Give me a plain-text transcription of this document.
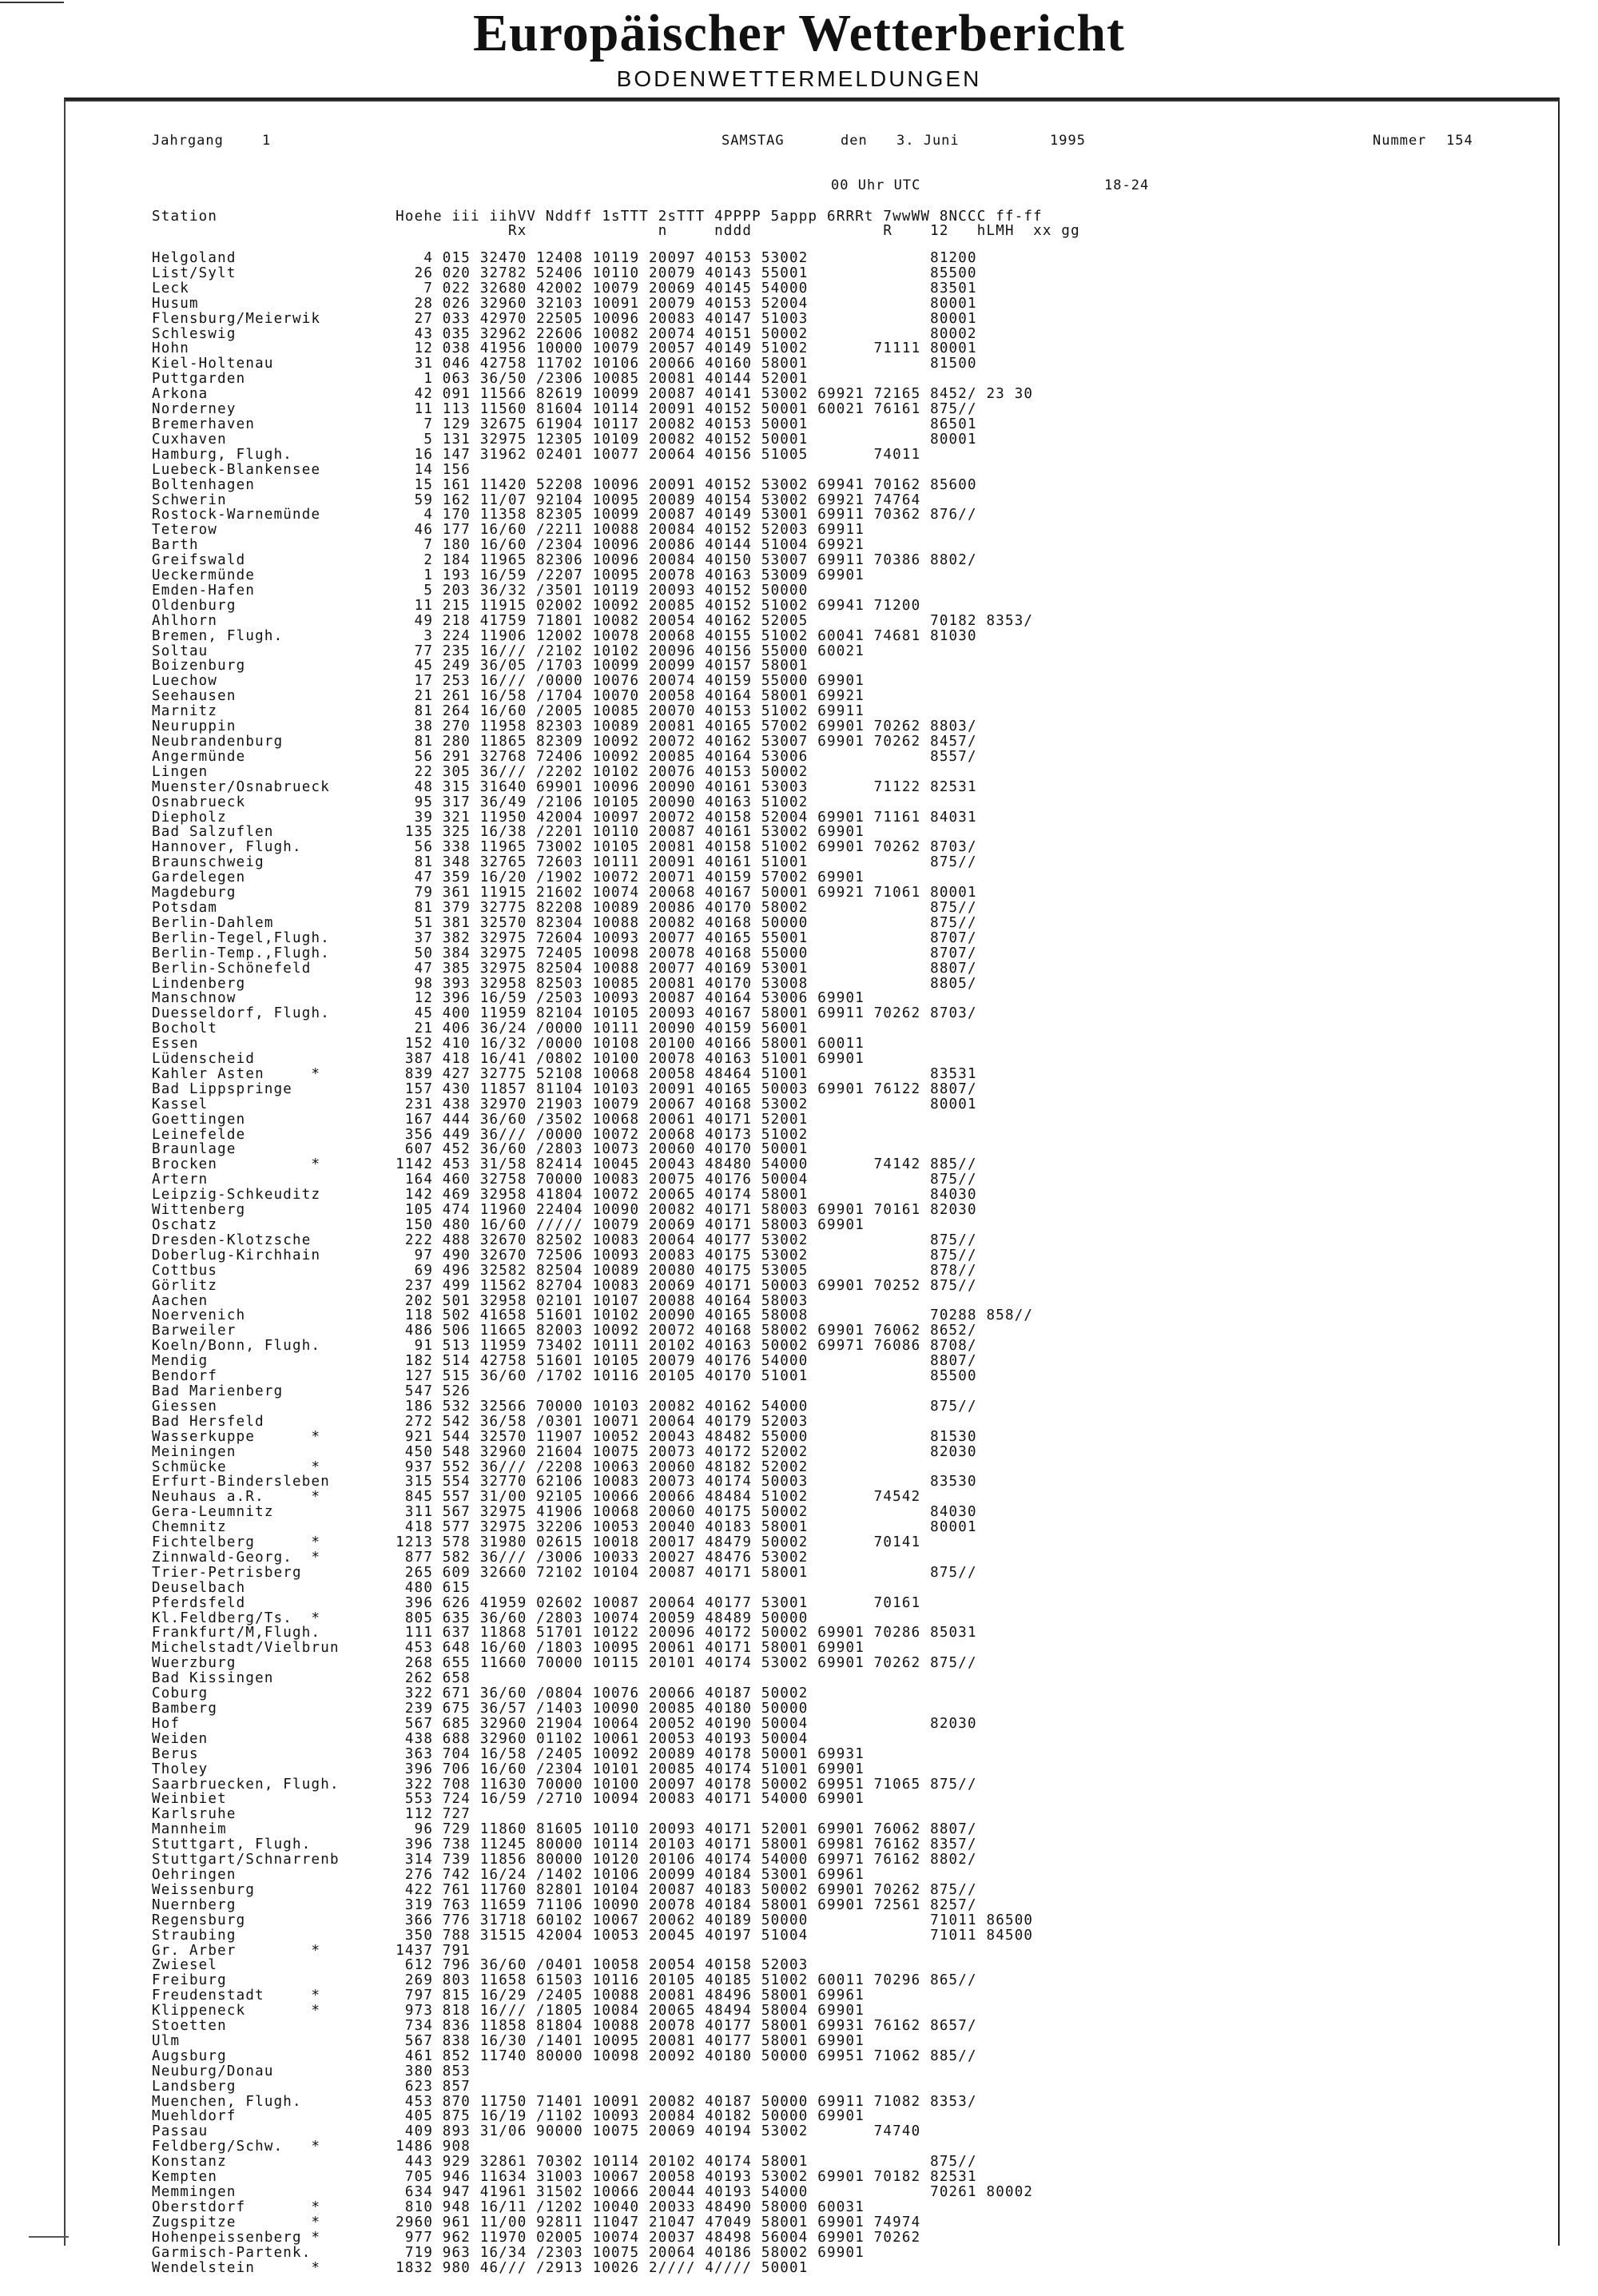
Europäischer Wetterbericht
BODENWETTERMELDUNGEN
Jahrgang	1	SAMSTAG	den 3. Juni	1995	Nummer 154
00 Uhr UTC	18-24
Station                   Hoehe iii iihVV Nddff 1sTTT 2sTTT 4PPPP 5appp 6RRRt 7wwWW 8NCCC ff-ff
Rx              n     nddd              R    12   hLMH  xx gg
Helgoland                    4 015 32470 12408 10119 20097 40153 53002             81200
List/Sylt                   26 020 32782 52406 10110 20079 40143 55001             85500
Leck                         7 022 32680 42002 10079 20069 40145 54000             83501
Husum                       28 026 32960 32103 10091 20079 40153 52004             80001
Flensburg/Meierwik          27 033 42970 22505 10096 20083 40147 51003             80001
Schleswig                   43 035 32962 22606 10082 20074 40151 50002             80002
Hohn                        12 038 41956 10000 10079 20057 40149 51002       71111 80001
Kiel-Holtenau               31 046 42758 11702 10106 20066 40160 58001             81500
Puttgarden                   1 063 36/50 /2306 10085 20081 40144 52001
Arkona                      42 091 11566 82619 10099 20087 40141 53002 69921 72165 8452/ 23 30
Norderney                   11 113 11560 81604 10114 20091 40152 50001 60021 76161 875//
Bremerhaven                  7 129 32675 61904 10117 20082 40153 50001             86501
Cuxhaven                     5 131 32975 12305 10109 20082 40152 50001             80001
Hamburg, Flugh.             16 147 31962 02401 10077 20064 40156 51005       74011
Luebeck-Blankensee          14 156
Boltenhagen                 15 161 11420 52208 10096 20091 40152 53002 69941 70162 85600
Schwerin                    59 162 11/07 92104 10095 20089 40154 53002 69921 74764
Rostock-Warnemünde           4 170 11358 82305 10099 20087 40149 53001 69911 70362 876//
Teterow                     46 177 16/60 /2211 10088 20084 40152 52003 69911
Barth                        7 180 16/60 /2304 10096 20086 40144 51004 69921
Greifswald                   2 184 11965 82306 10096 20084 40150 53007 69911 70386 8802/
Ueckermünde                  1 193 16/59 /2207 10095 20078 40163 53009 69901
Emden-Hafen                  5 203 36/32 /3501 10119 20093 40152 50000
Oldenburg                   11 215 11915 02002 10092 20085 40152 51002 69941 71200
Ahlhorn                     49 218 41759 71801 10082 20054 40162 52005             70182 8353/
Bremen, Flugh.               3 224 11906 12002 10078 20068 40155 51002 60041 74681 81030
Soltau                      77 235 16/// /2102 10102 20096 40156 55000 60021
Boizenburg                  45 249 36/05 /1703 10099 20099 40157 58001
Luechow                     17 253 16/// /0000 10076 20074 40159 55000 69901
Seehausen                   21 261 16/58 /1704 10070 20058 40164 58001 69921
Marnitz                     81 264 16/60 /2005 10085 20070 40153 51002 69911
Neuruppin                   38 270 11958 82303 10089 20081 40165 57002 69901 70262 8803/
Neubrandenburg              81 280 11865 82309 10092 20072 40162 53007 69901 70262 8457/
Angermünde                  56 291 32768 72406 10092 20085 40164 53006             8557/
Lingen                      22 305 36/// /2202 10102 20076 40153 50002
Muenster/Osnabrueck         48 315 31640 69901 10096 20090 40161 53003       71122 82531
Osnabrueck                  95 317 36/49 /2106 10105 20090 40163 51002
Diepholz                    39 321 11950 42004 10097 20072 40158 52004 69901 71161 84031
Bad Salzuflen              135 325 16/38 /2201 10110 20087 40161 53002 69901
Hannover, Flugh.            56 338 11965 73002 10105 20081 40158 51002 69901 70262 8703/
Braunschweig                81 348 32765 72603 10111 20091 40161 51001             875//
Gardelegen                  47 359 16/20 /1902 10072 20071 40159 57002 69901
Magdeburg                   79 361 11915 21602 10074 20068 40167 50001 69921 71061 80001
Potsdam                     81 379 32775 82208 10089 20086 40170 58002             875//
Berlin-Dahlem               51 381 32570 82304 10088 20082 40168 50000             875//
Berlin-Tegel,Flugh.         37 382 32975 72604 10093 20077 40165 55001             8707/
Berlin-Temp.,Flugh.         50 384 32975 72405 10098 20078 40168 55000             8707/
Berlin-Schönefeld           47 385 32975 82504 10088 20077 40169 53001             8807/
Lindenberg                  98 393 32958 82503 10085 20081 40170 53008             8805/
Manschnow                   12 396 16/59 /2503 10093 20087 40164 53006 69901
Duesseldorf, Flugh.         45 400 11959 82104 10105 20093 40167 58001 69911 70262 8703/
Bocholt                     21 406 36/24 /0000 10111 20090 40159 56001
Essen                      152 410 16/32 /0000 10108 20100 40166 58001 60011
Lüdenscheid                387 418 16/41 /0802 10100 20078 40163 51001 69901
Kahler Asten     *         839 427 32775 52108 10068 20058 48464 51001             83531
Bad Lippspringe            157 430 11857 81104 10103 20091 40165 50003 69901 76122 8807/
Kassel                     231 438 32970 21903 10079 20067 40168 53002             80001
Goettingen                 167 444 36/60 /3502 10068 20061 40171 52001
Leinefelde                 356 449 36/// /0000 10072 20068 40173 51002
Braunlage                  607 452 36/60 /2803 10073 20060 40170 50001
Brocken          *        1142 453 31/58 82414 10045 20043 48480 54000       74142 885//
Artern                     164 460 32758 70000 10083 20075 40176 50004             875//
Leipzig-Schkeuditz         142 469 32958 41804 10072 20065 40174 58001             84030
Wittenberg                 105 474 11960 22404 10090 20082 40171 58003 69901 70161 82030
Oschatz                    150 480 16/60 ///// 10079 20069 40171 58003 69901
Dresden-Klotzsche          222 488 32670 82502 10083 20064 40177 53002             875//
Doberlug-Kirchhain          97 490 32670 72506 10093 20083 40175 53002             875//
Cottbus                     69 496 32582 82504 10089 20080 40175 53005             878//
Görlitz                    237 499 11562 82704 10083 20069 40171 50003 69901 70252 875//
Aachen                     202 501 32958 02101 10107 20088 40164 58003
Noervenich                 118 502 41658 51601 10102 20090 40165 58008             70288 858//
Barweiler                  486 506 11665 82003 10092 20072 40168 58002 69901 76062 8652/
Koeln/Bonn, Flugh.          91 513 11959 73402 10111 20102 40163 50002 69971 76086 8708/
Mendig                     182 514 42758 51601 10105 20079 40176 54000             8807/
Bendorf                    127 515 36/60 /1702 10116 20105 40170 51001             85500
Bad Marienberg             547 526
Giessen                    186 532 32566 70000 10103 20082 40162 54000             875//
Bad Hersfeld               272 542 36/58 /0301 10071 20064 40179 52003
Wasserkuppe      *         921 544 32570 11907 10052 20043 48482 55000             81530
Meiningen                  450 548 32960 21604 10075 20073 40172 52002             82030
Schmücke         *         937 552 36/// /2208 10063 20060 48182 52002
Erfurt-Bindersleben        315 554 32770 62106 10083 20073 40174 50003             83530
Neuhaus a.R.     *         845 557 31/00 92105 10066 20066 48484 51002       74542
Gera-Leumnitz              311 567 32975 41906 10068 20060 40175 50002             84030
Chemnitz                   418 577 32975 32206 10053 20040 40183 58001             80001
Fichtelberg      *        1213 578 31980 02615 10018 20017 48479 50002       70141
Zinnwald-Georg.  *         877 582 36/// /3006 10033 20027 48476 53002
Trier-Petrisberg           265 609 32660 72102 10104 20087 40171 58001             875//
Deuselbach                 480 615
Pferdsfeld                 396 626 41959 02602 10087 20064 40177 53001       70161
Kl.Feldberg/Ts.  *         805 635 36/60 /2803 10074 20059 48489 50000
Frankfurt/M,Flugh.         111 637 11868 51701 10122 20096 40172 50002 69901 70286 85031
Michelstadt/Vielbrun       453 648 16/60 /1803 10095 20061 40171 58001 69901
Wuerzburg                  268 655 11660 70000 10115 20101 40174 53002 69901 70262 875//
Bad Kissingen              262 658
Coburg                     322 671 36/60 /0804 10076 20066 40187 50002
Bamberg                    239 675 36/57 /1403 10090 20085 40180 50000
Hof                        567 685 32960 21904 10064 20052 40190 50004             82030
Weiden                     438 688 32960 01102 10061 20053 40193 50004
Berus                      363 704 16/58 /2405 10092 20089 40178 50001 69931
Tholey                     396 706 16/60 /2304 10101 20085 40174 51001 69901
Saarbruecken, Flugh.       322 708 11630 70000 10100 20097 40178 50002 69951 71065 875//
Weinbiet                   553 724 16/59 /2710 10094 20083 40171 54000 69901
Karlsruhe                  112 727
Mannheim                    96 729 11860 81605 10110 20093 40171 52001 69901 76062 8807/
Stuttgart, Flugh.          396 738 11245 80000 10114 20103 40171 58001 69981 76162 8357/
Stuttgart/Schnarrenb       314 739 11856 80000 10120 20106 40174 54000 69971 76162 8802/
Oehringen                  276 742 16/24 /1402 10106 20099 40184 53001 69961
Weissenburg                422 761 11760 82801 10104 20087 40183 50002 69901 70262 875//
Nuernberg                  319 763 11659 71106 10090 20078 40184 58001 69901 72561 8257/
Regensburg                 366 776 31718 60102 10067 20062 40189 50000             71011 86500
Straubing                  350 788 31515 42004 10053 20045 40197 51004             71011 84500
Gr. Arber        *        1437 791
Zwiesel                    612 796 36/60 /0401 10058 20054 40158 52003
Freiburg                   269 803 11658 61503 10116 20105 40185 51002 60011 70296 865//
Freudenstadt     *         797 815 16/29 /2405 10088 20081 48496 58001 69961
Klippeneck       *         973 818 16/// /1805 10084 20065 48494 58004 69901
Stoetten                   734 836 11858 81804 10088 20078 40177 58001 69931 76162 8657/
Ulm                        567 838 16/30 /1401 10095 20081 40177 58001 69901
Augsburg                   461 852 11740 80000 10098 20092 40180 50000 69951 71062 885//
Neuburg/Donau              380 853
Landsberg                  623 857
Muenchen, Flugh.           453 870 11750 71401 10091 20082 40187 50000 69911 71082 8353/
Muehldorf                  405 875 16/19 /1102 10093 20084 40182 50000 69901
Passau                     409 893 31/06 90000 10075 20069 40194 53002       74740
Feldberg/Schw.   *        1486 908
Konstanz                   443 929 32861 70302 10114 20102 40174 58001             875//
Kempten                    705 946 11634 31003 10067 20058 40193 53002 69901 70182 82531
Memmingen                  634 947 41961 31502 10066 20044 40193 54000             70261 80002
Oberstdorf       *         810 948 16/11 /1202 10040 20033 48490 58000 60031
Zugspitze        *        2960 961 11/00 92811 11047 21047 47049 58001 69901 74974
Hohenpeissenberg *         977 962 11970 02005 10074 20037 48498 56004 69901 70262
Garmisch-Partenk.          719 963 16/34 /2303 10075 20064 40186 58002 69901
Wendelstein      *        1832 980 46/// /2913 10026 2//// 4//// 50001
